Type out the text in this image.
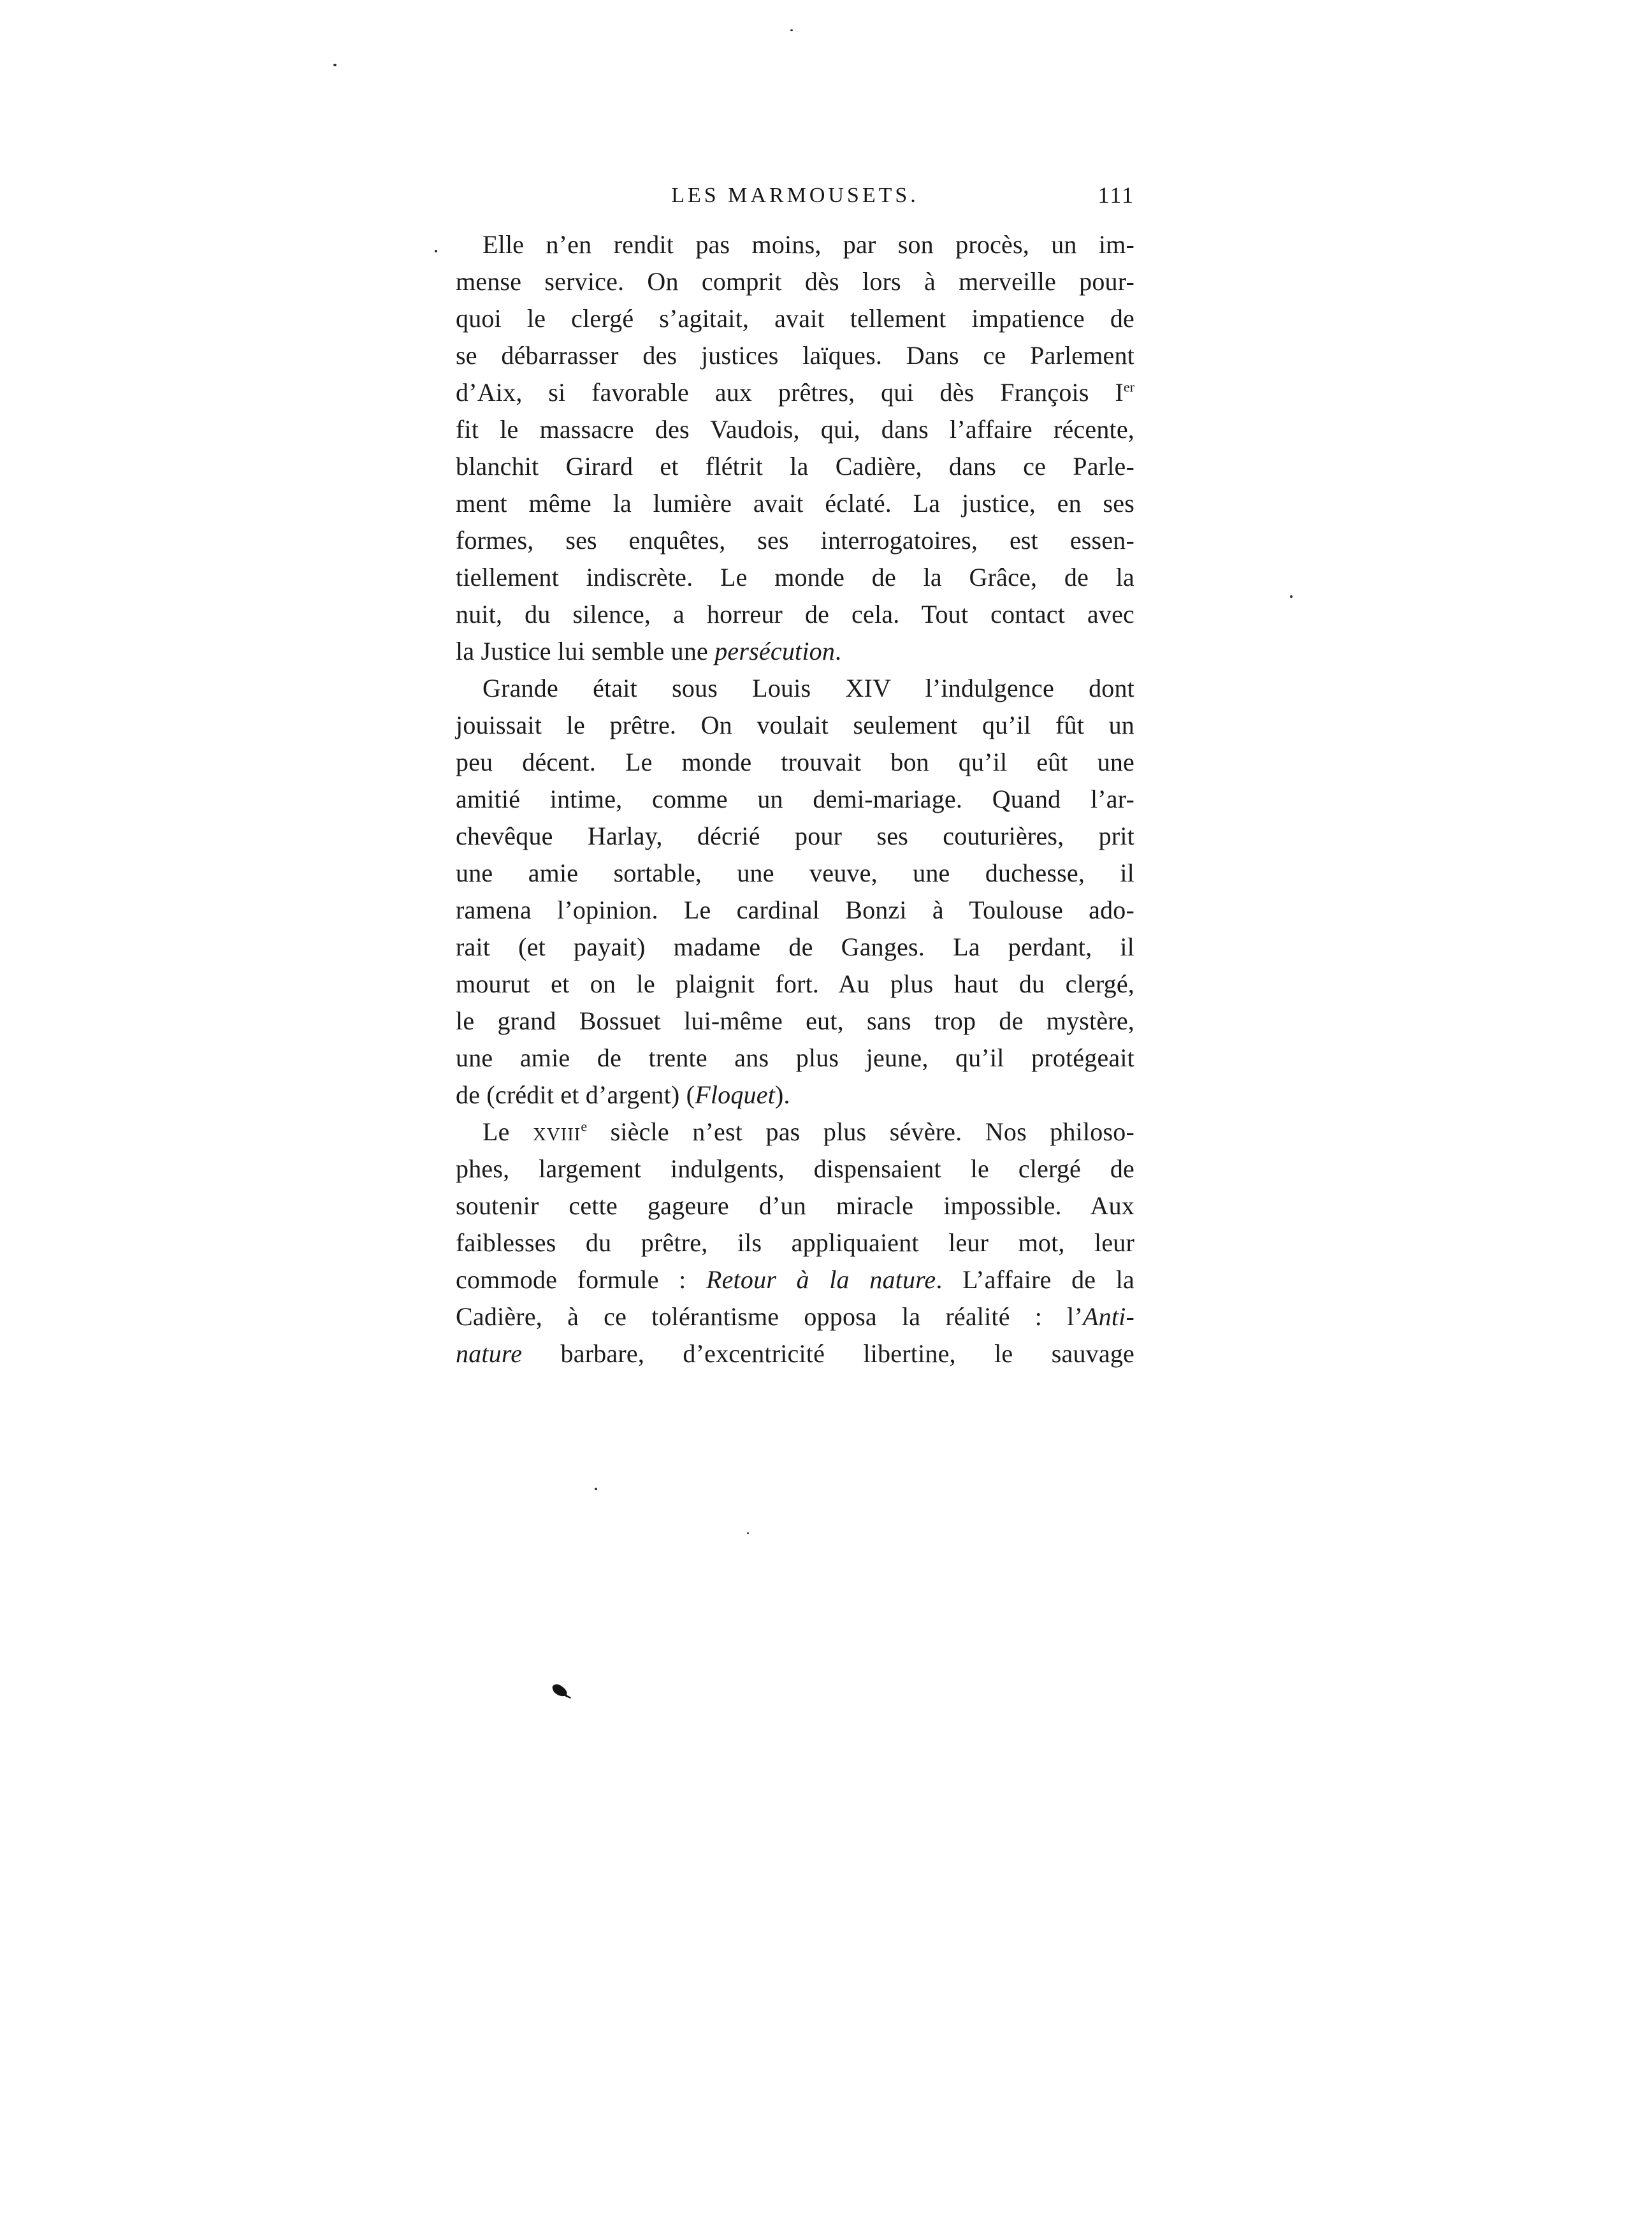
LES MARMOUSETS.	111
Elle n’en rendit pas moins, par son procès, un im-
mense service. On comprit dès lors à merveille pour-
quoi le clergé s’agitait, avait tellement impatience de
se débarrasser des justices laïques. Dans ce Parlement
d’Aix, si favorable aux prêtres, qui dès François Ier
fit le massacre des Vaudois, qui, dans l’affaire récente,
blanchit Girard et flétrit la Cadière, dans ce Parle-
ment même la lumière avait éclaté. La justice, en ses
formes, ses enquêtes, ses interrogatoires, est essen-
tiellement indiscrète. Le monde de la Grâce, de la
nuit, du silence, a horreur de cela. Tout contact avec
la Justice lui semble une persécution.
Grande était sous Louis XIV l’indulgence dont
jouissait le prêtre. On voulait seulement qu’il fût un
peu décent. Le monde trouvait bon qu’il eût une
amitié intime, comme un demi-mariage. Quand l’ar-
chevêque Harlay, décrié pour ses couturières, prit
une amie sortable, une veuve, une duchesse, il
ramena l’opinion. Le cardinal Bonzi à Toulouse ado-
rait (et payait) madame de Ganges. La perdant, il
mourut et on le plaignit fort. Au plus haut du clergé,
le grand Bossuet lui-même eut, sans trop de mystère,
une amie de trente ans plus jeune, qu’il protégeait
de (crédit et d’argent) (Floquet).
Le XVIIIe siècle n’est pas plus sévère. Nos philoso-
phes, largement indulgents, dispensaient le clergé de
soutenir cette gageure d’un miracle impossible. Aux
faiblesses du prêtre, ils appliquaient leur mot, leur
commode formule : Retour à la nature. L’affaire de la
Cadière, à ce tolérantisme opposa la réalité : l’Anti-
nature barbare, d’excentricité libertine, le sauvage
